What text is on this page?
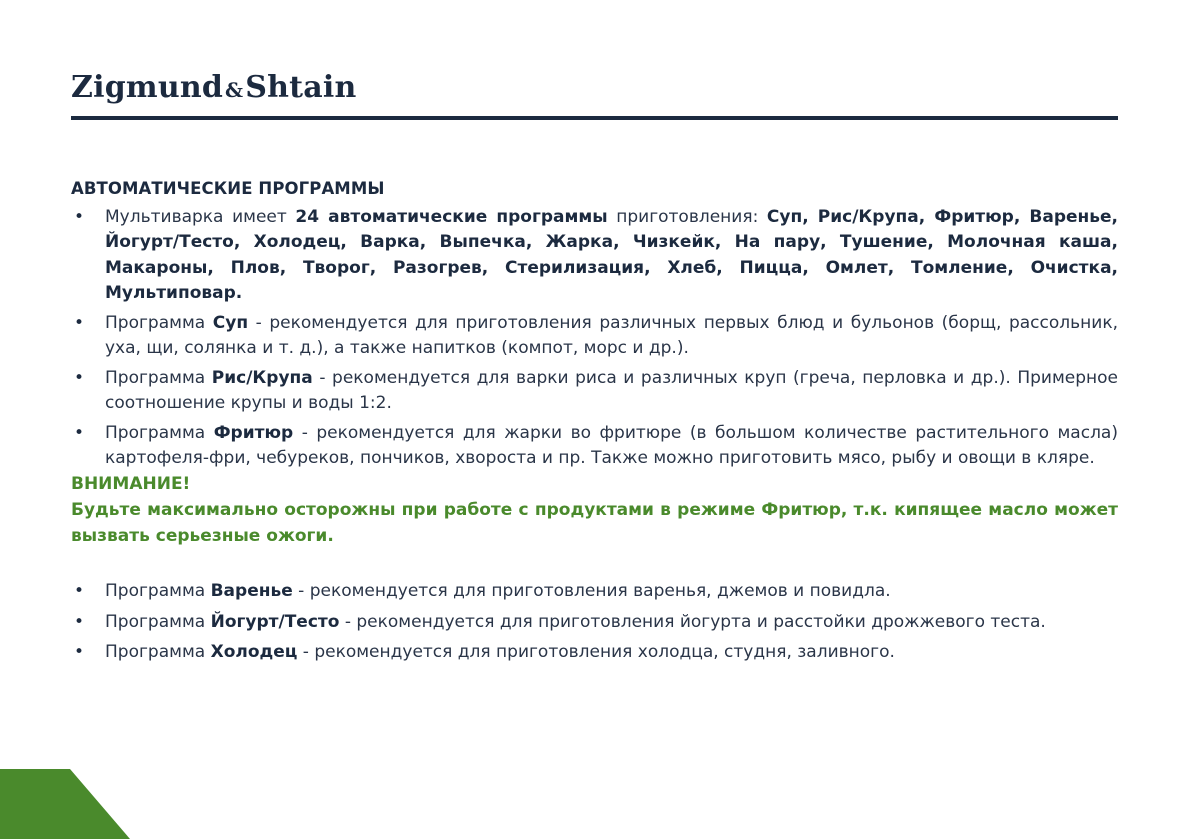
Zigmund &Shtain
АВТОМАТИЧЕСКИЕ ПРОГРАММЫ
• Мультиварка имеет 24 автоматические программы приготовления: Суп, Рис/Крупа, Фритюр, Варенье, Йогурт/Тесто, Холодец, Варка, Выпечка, Жарка, Чизкейк, На пару, Тушение, Молочная каша, Макароны, Плов, Творог, Разогрев, Стерилизация, Хлеб, Пицца, Омлет, Томление, Очистка, Мультиповар.
• Программа Суп - рекомендуется для приготовления различных первых блюд и бульонов (борщ, рассольник, уха, щи, солянка и т. д.), а также напитков (компот, морс и др.).
• Программа Рис/Крупа - рекомендуется для варки риса и различных круп (греча, перловка и др.). Примерное соотношение крупы и воды 1:2.
• Программа Фритюр - рекомендуется для жарки во фритюре (в большом количестве растительного масла) картофеля-фри, чебуреков, пончиков, хвороста и пр. Также можно приготовить мясо, рыбу и овощи в кляре.
ВНИМАНИЕ!
Будьте максимально осторожны при работе с продуктами в режиме Фритюр, т.к. кипящее масло может вызвать серьезные ожоги.
• Программа Варенье - рекомендуется для приготовления варенья, джемов и повидла.
• Программа Йогурт/Тесто - рекомендуется для приготовления йогурта и расстойки дрожжевого теста.
• Программа Холодец - рекомендуется для приготовления холодца, студня, заливного.
